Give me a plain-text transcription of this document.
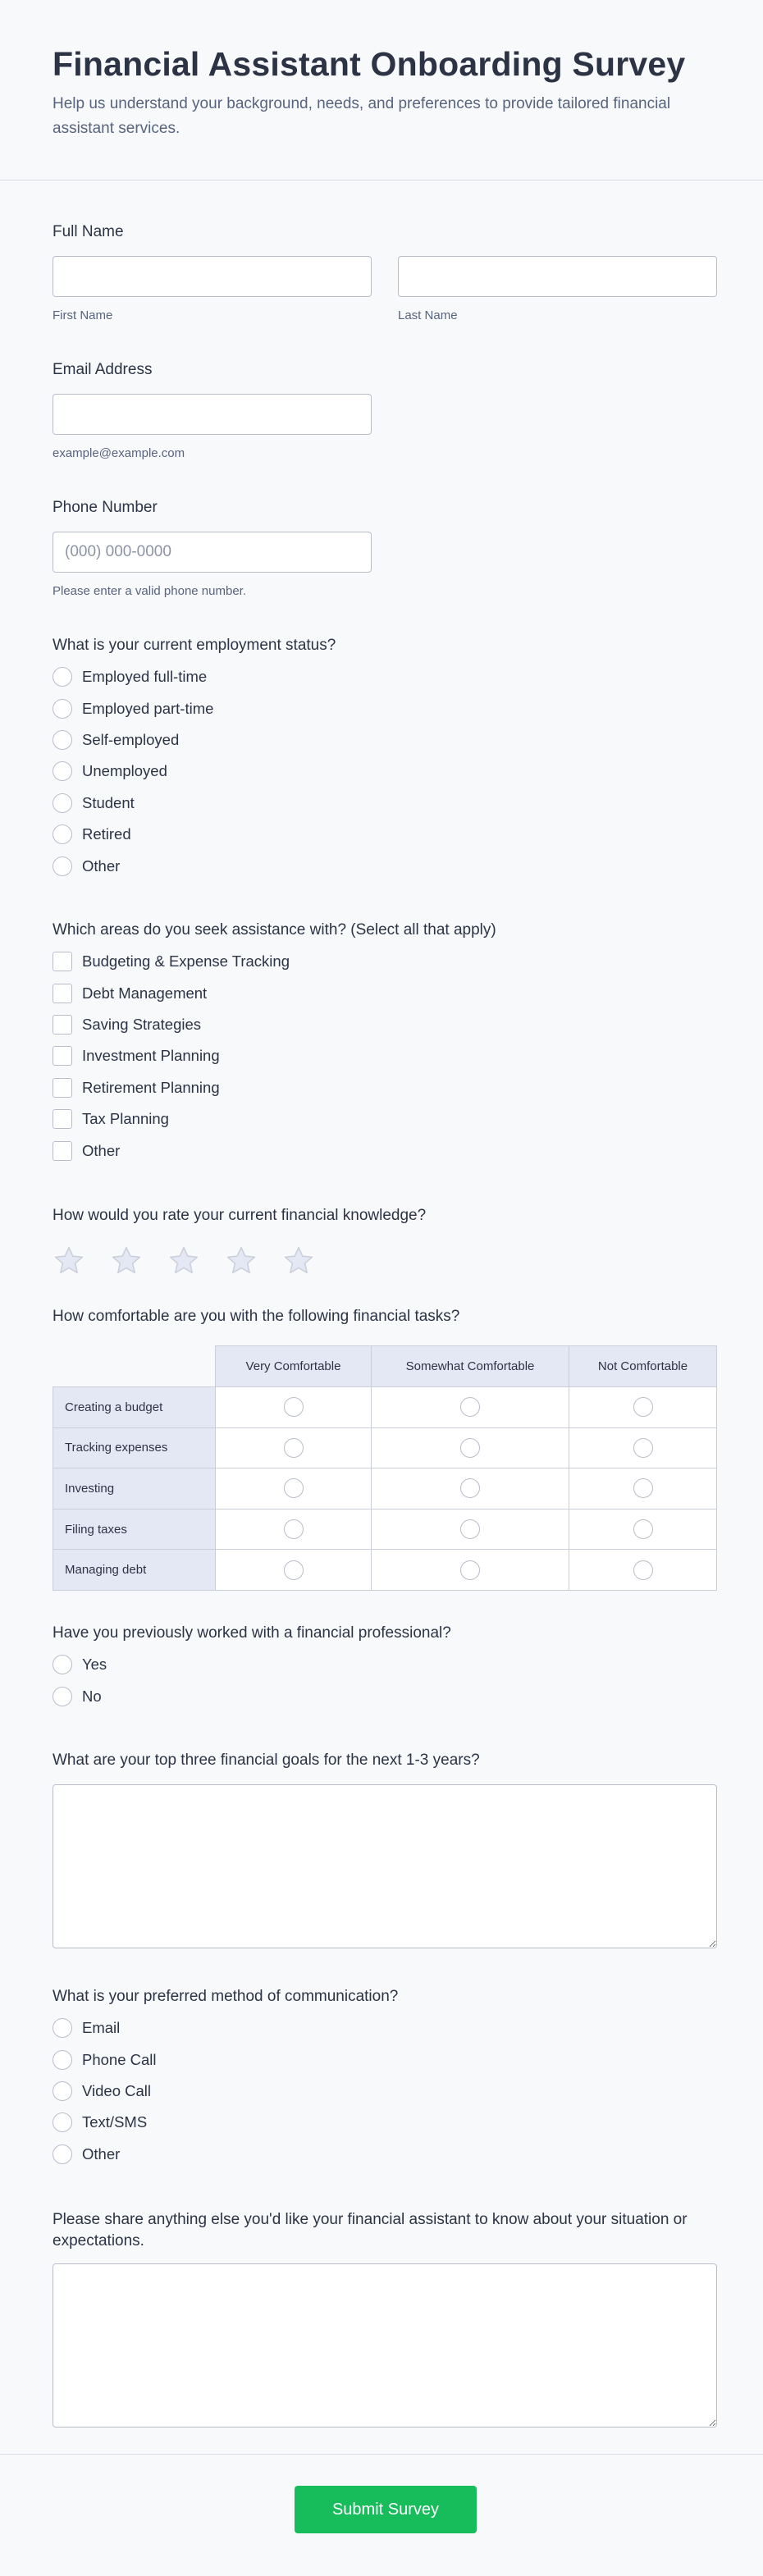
Financial Assistant Onboarding Survey

Help us understand your background, needs, and preferences to provide tailored financial assistant services.

Full Name
First Name	Last Name
Email Address
example@example.com
Phone Number
(000) 000-0000
Please enter a valid phone number.
What is your current employment status?
Employed full-time
Employed part-time
Self-employed
Unemployed
Student
Retired
Other
Which areas do you seek assistance with? (Select all that apply)
Budgeting & Expense Tracking
Debt Management
Saving Strategies
Investment Planning
Retirement Planning
Tax Planning
Other
How would you rate your current financial knowledge?
How comfortable are you with the following financial tasks?
	Very Comfortable	Somewhat Comfortable	Not Comfortable
Creating a budget			
Tracking expenses			
Investing			
Filing taxes			
Managing debt			
Have you previously worked with a financial professional?
Yes
No
What are your top three financial goals for the next 1-3 years?
What is your preferred method of communication?
Email
Phone Call
Video Call
Text/SMS
Other
Please share anything else you'd like your financial assistant to know about your situation or expectations.
Submit Survey
